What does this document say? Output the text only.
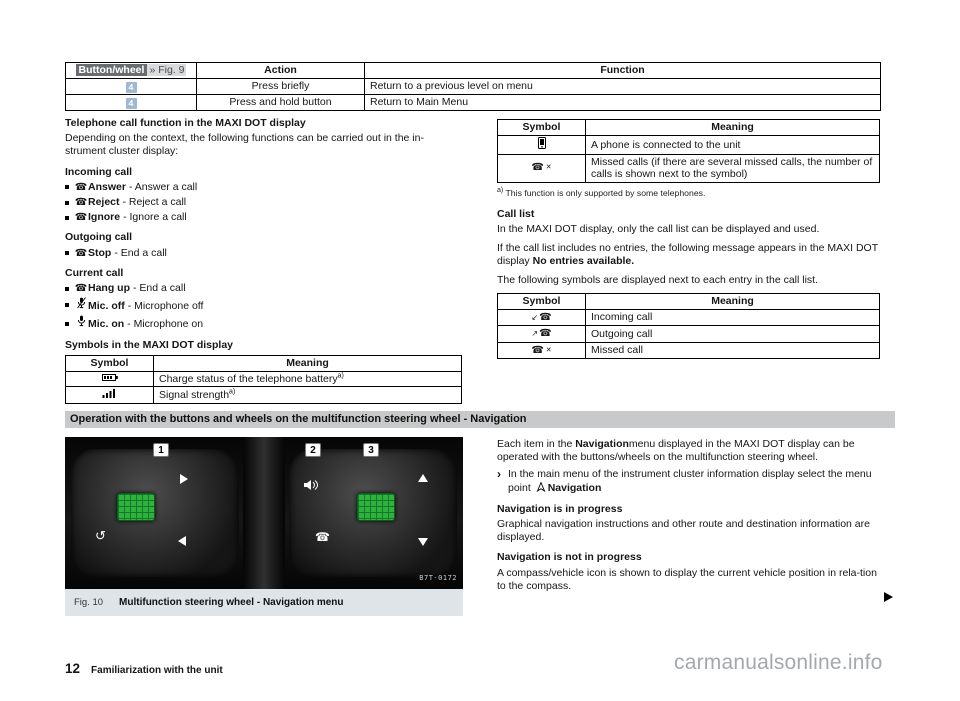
Button/wheel » Fig. 9	Action	Function
4	Press briefly	Return to a previous level on menu
4	Press and hold button	Return to Main Menu
Telephone call function in the MAXI DOT display

Depending on the context, the following functions can be carried out in the in-strument cluster display:

Incoming call
☎ Answer - Answer a call
☎ Reject - Reject a call
☎ Ignore - Ignore a call
Outgoing call
☎ Stop - End a call
Current call
☎ Hang up - End a call
Mic. off - Microphone off
Mic. on - Microphone on
Symbols in the MAXI DOT display
Symbol	Meaning
	Charge status of the telephone battery$^{a)}$
	Signal strength$^{a)}$
Symbol	Meaning
	A phone is connected to the unit

☎ ✕	Missed calls (if there are several missed calls, the number of calls is shown next to the symbol)

$^{a)}$ This function is only supported by some telephones.

Call list

In the MAXI DOT display, only the call list can be displayed and used.

If the call list includes no entries, the following message appears in the MAXI DOT display No entries available.

The following symbols are displayed next to each entry in the call list.

Symbol	Meaning

↙ ☎	Incoming call

↗ ☎	Outgoing call

☎ ✕	Missed call
Operation with the buttons and wheels on the multifunction steering wheel - Navigation
1	2	3
↺	☎
B7T-0172
Fig. 10 Multifunction steering wheel - Navigation menu

Each item in the Navigationmenu displayed in the MAXI DOT display can be operated with the buttons/wheels on the multifunction steering wheel.

› In the main menu of the instrument cluster information display select the menu point Navigation
Navigation is in progress

Graphical navigation instructions and other route and destination information are displayed.

Navigation is not in progress

A compass/vehicle icon is shown to display the current vehicle position in rela-tion to the compass.

12 Familiarization with the unit	carmanualsonline.info
